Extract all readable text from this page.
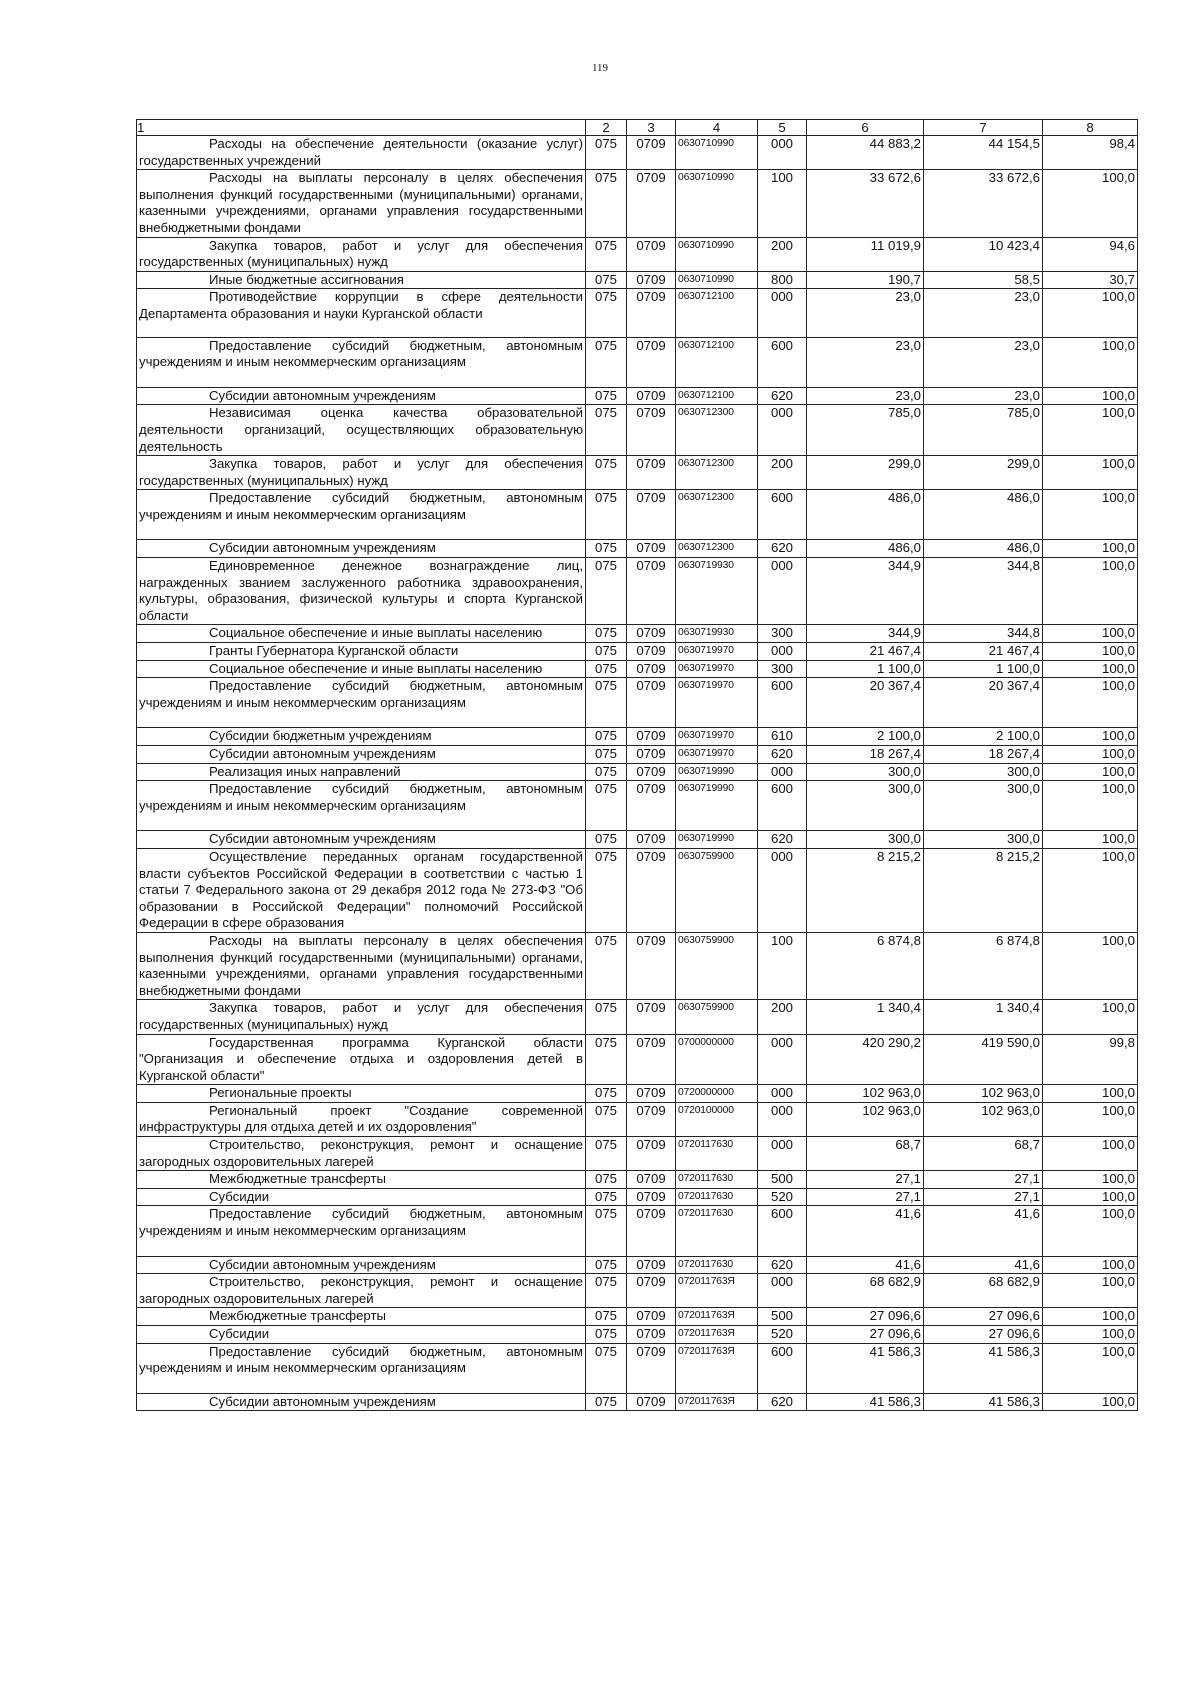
119
1	2	3	4	5	6	7	8
Расходы на обеспечение деятельности (оказание услуг) государственных учреждений	075	0709	0630710990	000	44 883,2	44 154,5	98,4
Расходы на выплаты персоналу в целях обеспечения выполнения функций государственными (муниципальными) органами, казенными учреждениями, органами управления государственными внебюджетными фондами	075	0709	0630710990	100	33 672,6	33 672,6	100,0
Закупка товаров, работ и услуг для обеспечения государственных (муниципальных) нужд	075	0709	0630710990	200	11 019,9	10 423,4	94,6
Иные бюджетные ассигнования	075	0709	0630710990	800	190,7	58,5	30,7
Противодействие коррупции в сфере деятельности Департамента образования и науки Курганской области	075	0709	0630712100	000	23,0	23,0	100,0
Предоставление субсидий бюджетным, автономным учреждениям и иным некоммерческим организациям	075	0709	0630712100	600	23,0	23,0	100,0
Субсидии автономным учреждениям	075	0709	0630712100	620	23,0	23,0	100,0
Независимая оценка качества образовательной деятельности организаций, осуществляющих образовательную деятельность	075	0709	0630712300	000	785,0	785,0	100,0
Закупка товаров, работ и услуг для обеспечения государственных (муниципальных) нужд	075	0709	0630712300	200	299,0	299,0	100,0
Предоставление субсидий бюджетным, автономным учреждениям и иным некоммерческим организациям	075	0709	0630712300	600	486,0	486,0	100,0
Субсидии автономным учреждениям	075	0709	0630712300	620	486,0	486,0	100,0
Единовременное денежное вознаграждение лиц, награжденных званием заслуженного работника здравоохранения, культуры, образования, физической культуры и спорта Курганской области	075	0709	0630719930	000	344,9	344,8	100,0
Социальное обеспечение и иные выплаты населению	075	0709	0630719930	300	344,9	344,8	100,0
Гранты Губернатора Курганской области	075	0709	0630719970	000	21 467,4	21 467,4	100,0
Социальное обеспечение и иные выплаты населению	075	0709	0630719970	300	1 100,0	1 100,0	100,0
Предоставление субсидий бюджетным, автономным учреждениям и иным некоммерческим организациям	075	0709	0630719970	600	20 367,4	20 367,4	100,0
Субсидии бюджетным учреждениям	075	0709	0630719970	610	2 100,0	2 100,0	100,0
Субсидии автономным учреждениям	075	0709	0630719970	620	18 267,4	18 267,4	100,0
Реализация иных направлений	075	0709	0630719990	000	300,0	300,0	100,0
Предоставление субсидий бюджетным, автономным учреждениям и иным некоммерческим организациям	075	0709	0630719990	600	300,0	300,0	100,0
Субсидии автономным учреждениям	075	0709	0630719990	620	300,0	300,0	100,0
Осуществление переданных органам государственной власти субъектов Российской Федерации в соответствии с частью 1 статьи 7 Федерального закона от 29 декабря 2012 года № 273-ФЗ "Об образовании в Российской Федерации" полномочий Российской Федерации в сфере образования	075	0709	0630759900	000	8 215,2	8 215,2	100,0
Расходы на выплаты персоналу в целях обеспечения выполнения функций государственными (муниципальными) органами, казенными учреждениями, органами управления государственными внебюджетными фондами	075	0709	0630759900	100	6 874,8	6 874,8	100,0
Закупка товаров, работ и услуг для обеспечения государственных (муниципальных) нужд	075	0709	0630759900	200	1 340,4	1 340,4	100,0
Государственная программа Курганской области "Организация и обеспечение отдыха и оздоровления детей в Курганской области"	075	0709	0700000000	000	420 290,2	419 590,0	99,8
Региональные проекты	075	0709	0720000000	000	102 963,0	102 963,0	100,0
Региональный проект "Создание современной инфраструктуры для отдыха детей и их оздоровления"	075	0709	0720100000	000	102 963,0	102 963,0	100,0
Строительство, реконструкция, ремонт и оснащение загородных оздоровительных лагерей	075	0709	0720117630	000	68,7	68,7	100,0
Межбюджетные трансферты	075	0709	0720117630	500	27,1	27,1	100,0
Субсидии	075	0709	0720117630	520	27,1	27,1	100,0
Предоставление субсидий бюджетным, автономным учреждениям и иным некоммерческим организациям	075	0709	0720117630	600	41,6	41,6	100,0
Субсидии автономным учреждениям	075	0709	0720117630	620	41,6	41,6	100,0
Строительство, реконструкция, ремонт и оснащение загородных оздоровительных лагерей	075	0709	072011763Я	000	68 682,9	68 682,9	100,0
Межбюджетные трансферты	075	0709	072011763Я	500	27 096,6	27 096,6	100,0
Субсидии	075	0709	072011763Я	520	27 096,6	27 096,6	100,0
Предоставление субсидий бюджетным, автономным учреждениям и иным некоммерческим организациям	075	0709	072011763Я	600	41 586,3	41 586,3	100,0
Субсидии автономным учреждениям	075	0709	072011763Я	620	41 586,3	41 586,3	100,0
